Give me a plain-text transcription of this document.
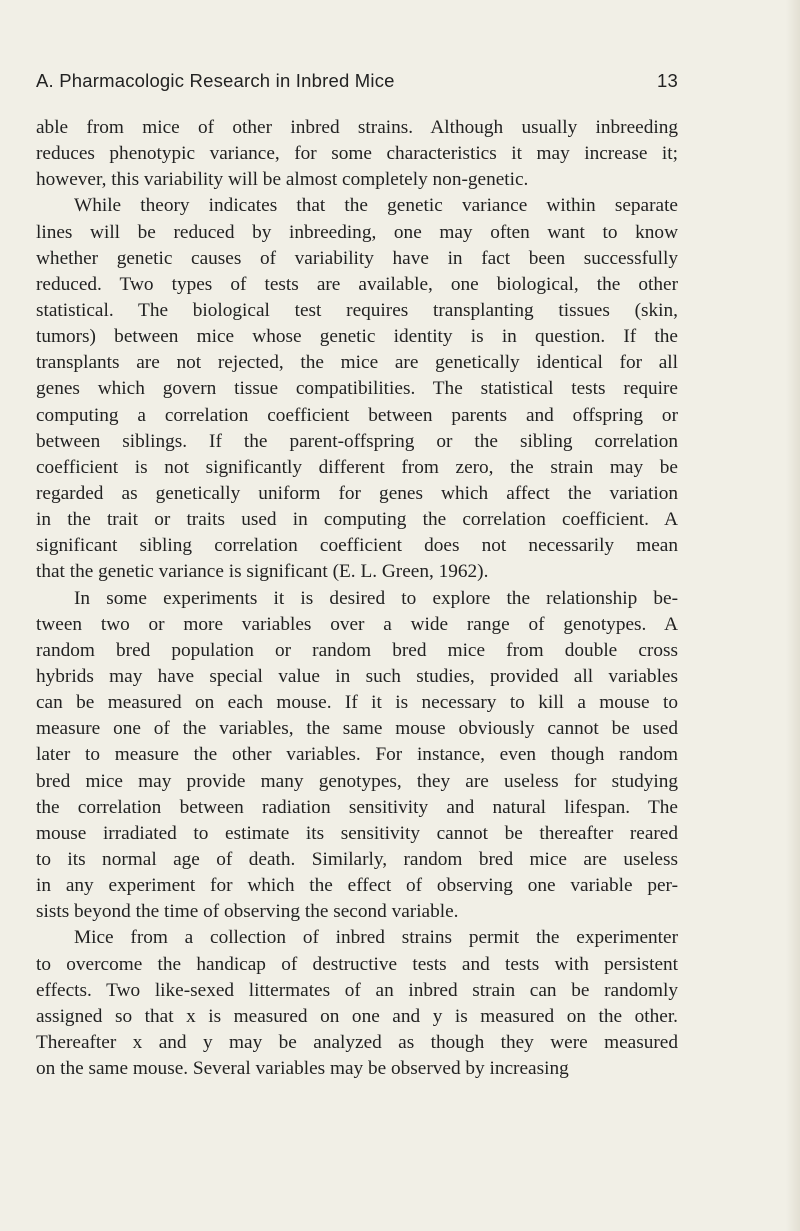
A. Pharmacologic Research in Inbred Mice	13
able from mice of other inbred strains. Although usually inbreeding
reduces phenotypic variance, for some characteristics it may increase it;
however, this variability will be almost completely non-genetic.
While theory indicates that the genetic variance within separate
lines will be reduced by inbreeding, one may often want to know
whether genetic causes of variability have in fact been successfully
reduced. Two types of tests are available, one biological, the other
statistical. The biological test requires transplanting tissues (skin,
tumors) between mice whose genetic identity is in question. If the
transplants are not rejected, the mice are genetically identical for all
genes which govern tissue compatibilities. The statistical tests require
computing a correlation coefficient between parents and offspring or
between siblings. If the parent-offspring or the sibling correlation
coefficient is not significantly different from zero, the strain may be
regarded as genetically uniform for genes which affect the variation
in the trait or traits used in computing the correlation coefficient. A
significant sibling correlation coefficient does not necessarily mean
that the genetic variance is significant (E. L. Green, 1962).
In some experiments it is desired to explore the relationship be-
tween two or more variables over a wide range of genotypes. A
random bred population or random bred mice from double cross
hybrids may have special value in such studies, provided all variables
can be measured on each mouse. If it is necessary to kill a mouse to
measure one of the variables, the same mouse obviously cannot be used
later to measure the other variables. For instance, even though random
bred mice may provide many genotypes, they are useless for studying
the correlation between radiation sensitivity and natural lifespan. The
mouse irradiated to estimate its sensitivity cannot be thereafter reared
to its normal age of death. Similarly, random bred mice are useless
in any experiment for which the effect of observing one variable per-
sists beyond the time of observing the second variable.
Mice from a collection of inbred strains permit the experimenter
to overcome the handicap of destructive tests and tests with persistent
effects. Two like-sexed littermates of an inbred strain can be randomly
assigned so that x is measured on one and y is measured on the other.
Thereafter x and y may be analyzed as though they were measured
on the same mouse. Several variables may be observed by increasing
